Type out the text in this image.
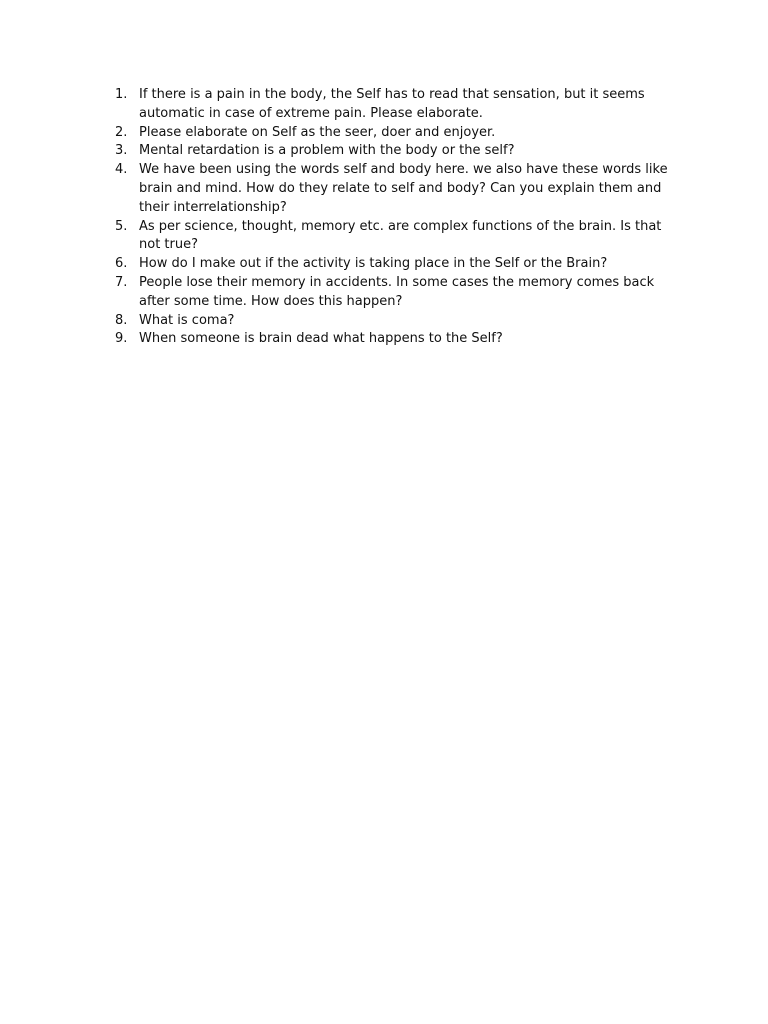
1. If there is a pain in the body, the Self has to read that sensation, but it seems automatic in case of extreme pain. Please elaborate.
2. Please elaborate on Self as the seer, doer and enjoyer.
3. Mental retardation is a problem with the body or the self?
4. We have been using the words self and body here. we also have these words like brain and mind. How do they relate to self and body? Can you explain them and their interrelationship?
5. As per science, thought, memory etc. are complex functions of the brain. Is that not true?
6. How do I make out if the activity is taking place in the Self or the Brain?
7. People lose their memory in accidents. In some cases the memory comes back after some time. How does this happen?
8. What is coma?
9. When someone is brain dead what happens to the Self?
